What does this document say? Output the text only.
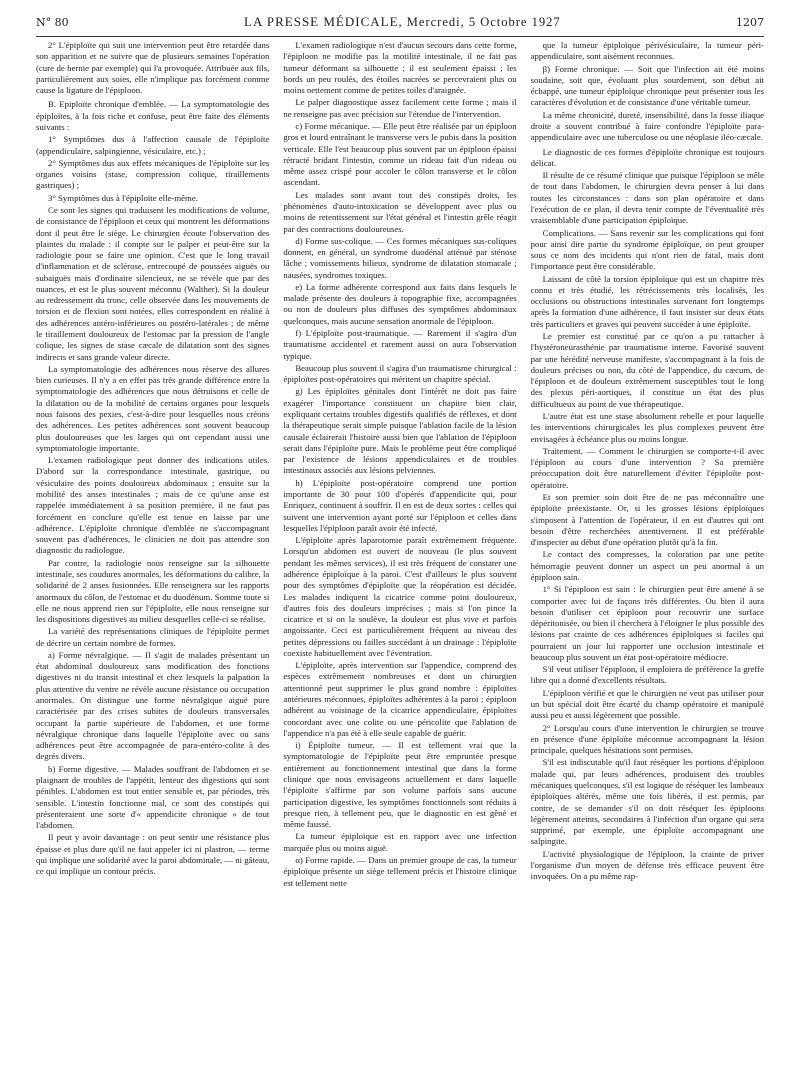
N° 80	LA PRESSE MÉDICALE, Mercredi, 5 Octobre 1927	1207

2° L'épiploïte qui suit une intervention peut être retardée dans son apparition et ne suivre que de plusieurs semaines l'opération (cure de hernie par exemple) qui l'a provoquée. Attribuée aux fils, particulièrement aux soies, elle n'implique pas forcément comme cause la ligature de l'épiploon.

B. Epiploïte chronique d'emblée. — La symptomatologie des épiploïtes, à la fois riche et confuse, peut être faite des éléments suivants :

1° Symptômes dus à l'affection causale de l'épiploïte (appendiculaire, salpingienne, vésiculaire, etc.) ;

2° Symptômes dus aux effets mécaniques de l'épiploïte sur les organes voisins (stase, compression colique, tiraillements gastriques) ;

3° Symptômes dus à l'épiploïte elle-même.

Ce sont les signes qui traduisent les modifications de volume, de consistance de l'épiploon et ceux qui montrent les déformations dont il peut être le siège. Le chirurgien écoute l'observation des plaintes du malade : il compte sur le palper et peut-être sur la radiologie pour se faire une opinion. C'est que le long travail d'inflammation et de sclérose, entrecoupé de poussées aiguës ou subaiguës mais d'ordinaire silencieux, ne se révèle que par des nuances, et est le plus souvent méconnu (Walther). Si la douleur au redressement du tronc, celle observée dans les mouvements de torsion et de flexion sont notées, elles correspondent en réalité à des adhérences antéro-inférieures ou postéro-latérales ; de même le tiraillement douloureux de l'estomac par la pression de l'angle colique, les signes de stase cæcale de dilatation sont des signes indirects et sans grande valeur directe.

La symptomatologie des adhérences nous réserve des allures bien curieuses. Il n'y a en effet pas très grande différence entre la symptomatologie des adhérences que nous détruisons et celle de la dilatation ou de la mobilité de certains organes pour lesquels nous faisons des pexies, c'est-à-dire pour lesquelles nous créons des adhérences. Les petites adhérences sont souvent beaucoup plus douloureuses que les larges qui ont cependant aussi une symptomatologie importante.

L'examen radiologique peut donner des indications utiles. D'abord sur la correspondance intestinale, gastrique, ou vésiculaire des points douloureux abdominaux ; ensuite sur la mobilité des anses intestinales ; mais de ce qu'une anse est rappelée immédiatement à sa position première, il ne faut pas forcément en conclure qu'elle est tenue en laisse par une adhérence. L'épiploïte chronique d'emblée ne s'accompagnant souvent pas d'adhérences, le clinicien ne doit pas attendre son diagnostic du radiologue.

Par contre, la radiologie nous renseigne sur la silhouette intestinale, ses coudures anormales, les déformations du calibre, la solidarité de 2 anses fusionnées. Elle renseignera sur les rapports anormaux du côlon, de l'estomac et du duodénum. Somme toute si elle ne nous apprend rien sur l'épiploïte, elle nous renseigne sur les dispositions digestives au milieu desquelles celle-ci se réalise.

La variété des représentations cliniques de l'épiploïte permet de décrire un certain nombre de formes.

a) Forme névralgique. — Il s'agit de malades présentant un état abdominal douloureux sans modification des fonctions digestives ni du transit intestinal et chez lesquels la palpation la plus attentive du ventre ne révèle aucune résistance ou occupation anormales. On distingue une forme névralgique aiguë pure caractérisée par des crises subites de douleurs transversales occupant la partie supérieure de l'abdomen, et une forme névralgique chronique dans laquelle l'épiploïte avec ou sans adhérences peut être accompagnée de para-entéro-colite à des degrés divers.

b) Forme digestive. — Malades souffrant de l'abdomen et se plaignant de troubles de l'appétit, lenteur des digestions qui sont pénibles. L'abdomen est tout entier sensible et, par périodes, très sensible. L'intestin fonctionne mal, ce sont des constipés qui présenteraient une sorte d'« appendicite chronique » de tout l'abdomen.

Il peut y avoir davantage : on peut sentir une résistance plus épaisse et plus dure qu'il ne faut appeler ici ni plastron, — terme qui implique une solidarité avec la paroi abdominale, — ni gâteau, ce qui implique un contour précis.

L'examen radiologique n'est d'aucun secours dans cette forme, l'épiploon ne modifie pas la motilité intestinale, il ne fait pas tumeur déformant sa silhouette ; il est seulement épaissi ; les bords un peu roulés, des étoiles nacrées se percevraient plus ou moins nettement comme de petites toiles d'araignée.

Le palper diagnostique assez facilement cette forme ; mais il ne renseigne pas avec précision sur l'étendue de l'intervention.

c) Forme mécanique. — Elle peut être réalisée par un épiploon gros et lourd entraînant le transverse vers le pubis dans la position verticale. Elle l'est beaucoup plus souvent par un épiploon épaissi rétracté bridant l'intestin, comme un rideau fait d'un rideau ou même assez crispé pour accoler le côlon transverse et le côlon ascendant.

Les malades sont avant tout des constipés droits, les phénomènes d'auto-intoxication se développent avec plus ou moins de retentissement sur l'état général et l'intestin grêle réagit par des contractions douloureuses.

d) Forme sus-colique. — Ces formes mécaniques sus-coliques donnent, en général, un syndrome duodénal atténué par sténose lâche ; vomissements bilieux, syndrome de dilatation stomacale ; nausées, syndromes toxiques.

e) La forme adhérente correspond aux faits dans lesquels le malade présente des douleurs à topographie fixe, accompagnées ou non de douleurs plus diffuses des symptômes abdominaux quelconques, mais aucune sensation anormale de l'épiploon.

f) L'épiploïte post-traumatique. — Rarement il s'agira d'un traumatisme accidentel et rarement aussi on aura l'observation typique.

Beaucoup plus souvent il s'agira d'un traumatisme chirurgical : épiploïtes post-opératoires qui méritent un chapitre spécial.

g) Les épiploïtes génitales dont l'intérêt ne doit pas faire exagérer l'importance constituent un chapitre bien clair, expliquant certains troubles digestifs qualifiés de réflexes, et dont la thérapeutique serait simple puisque l'ablation facile de la lésion causale éclairerait l'histoire aussi bien que l'ablation de l'épiploon serait dans l'épiploïte pure. Mais le problème peut être compliqué par l'existence de lésions appendiculaires et de troubles intestinaux associés aux lésions pelviennes.

h) L'épiploïte post-opératoire comprend une portion importante de 30 pour 100 d'opérés d'appendicite qui, pour Enriquez, continuent à souffrir. Il en est de deux sortes : celles qui suivent une intervention ayant porté sur l'épiploon et celles dans lesquelles l'épiploon paraît avoir été infecté.

L'épiploïte après laparotomie paraît extrêmement fréquente. Lorsqu'un abdomen est ouvert de nouveau (le plus souvent pendant les mêmes services), il est très fréquent de constater une adhérence épiploïque à la paroi. C'est d'ailleurs le plus souvent pour des symptômes d'épiploïte que la réopération est décidée. Les malades indiquent la cicatrice comme point douloureux, d'autres fois des douleurs imprécises ; mais si l'on pince la cicatrice et si on la soulève, la douleur est plus vive et parfois angoissante. Ceci est particulièrement fréquent au niveau des petites dépressions ou failles succédant à un drainage : l'épiploïte coexiste habituellement avec l'éventration.

L'épiploïte, après intervention sur l'appendice, comprend des espèces extrêmement nombreuses et dont un chirurgien attentionné peut supprimer le plus grand nombre : épiploïtes antérieures méconnues, épiploïtes adhérentes à la paroi ; épiploon adhérent au voisinage de la cicatrice appendiculaire, épiploïtes concordant avec une colite ou une péricolite que l'ablation de l'appendice n'a pas été à elle seule capable de guérir.

i) Épiploïte tumeur. — Il est tellement vrai que la symptomatologie de l'épiploïte peut être empruntée presque entièrement au fonctionnement intestinal que dans la forme clinique que nous envisageons actuellement et dans laquelle l'épiploïte s'affirme par son volume parfois sans aucune participation digestive, les symptômes fonctionnels sont réduits à presque rien, à tellement peu, que le diagnostic en est gêné et même faussé.

La tumeur épiploïque est en rapport avec une infection marquée plus ou moins aiguë.

α) Forme rapide. — Dans un premier groupe de cas, la tumeur épiploïque présente un siège tellement précis et l'histoire clinique est tellement nette

que la tumeur épiploïque périvésiculaire, la tumeur péri-appendiculaire, sont aisément reconnues.

β) Forme chronique. — Soit que l'infection ait été moins soudaine, soit que, évoluant plus sourdement, son début ait échappé, une tumeur épiploïque chronique peut présenter tous les caractères d'évolution et de consistance d'une véritable tumeur.

La même chronicité, dureté, insensibilité, dans la fosse iliaque droite a souvent contribué à faire confondre l'épiploïte para-appendiculaire avec une tuberculose ou une néoplasie iléo-cæcale.

Le diagnostic de ces formes d'épiploïte chronique est toujours délicat.

Il résulte de ce résumé clinique que puisque l'épiploon se mêle de tout dans l'abdomen, le chirurgien devra penser à lui dans toutes les circonstances : dans son plan opératoire et dans l'exécution de ce plan, il devra tenir compte de l'éventualité très vraisemblable d'une participation épiploïque.

Complications. — Sans revenir sur les complications qui font pour ainsi dire partie du syndrome épiploïque, on peut grouper sous ce nom des incidents qui n'ont rien de fatal, mais dont l'importance peut être considérable.

Laissant de côté la torsion épiploïque qui est un chapitre très connu et très étudié, les rétrécissements très localisés, les occlusions ou obstructions intestinales survenant fort longtemps après la formation d'une adhérence, il faut insister sur deux états très particuliers et graves qui peuvent succéder à une épiploïte.

Le premier est constitué par ce qu'on a pu rattacher à l'hystéroneurasthénie par traumatisme interne. Favorisé souvent par une hérédité nerveuse manifeste, s'accompagnant à la fois de douleurs précises ou non, du côté de l'appendice, du cæcum, de l'épiploon et de douleurs extrêmement susceptibles tout le long des plexus péri-aortiques, il constitue un état des plus difficultueux au point de vue thérapeutique.

L'autre état est une stase absolument rebelle et pour laquelle les interventions chirurgicales les plus complexes peuvent être envisagées à échéance plus ou moins longue.

Traitement. — Comment le chirurgien se comporte-t-il avec l'épiploon au cours d'une intervention ? Sa première préoccupation doit être naturellement d'éviter l'épiploïte post-opératoire.

Et son premier soin doit être de ne pas méconnaître une épiploïte préexistante. Or, si les grosses lésions épiploïques s'imposent à l'attention de l'opérateur, il en est d'autres qui ont besoin d'être recherchées attentivement. Il est préférable d'inspecter au début d'une opération plutôt qu'à la fin.

Le contact des compresses, la coloration par une petite hémorragie peuvent donner un aspect un peu anormal à un épiploon sain.

1° Si l'épiploon est sain : le chirurgien peut être amené à se comporter avec lui de façons très différentes. Ou bien il aura besoin d'utiliser cet épiploon pour recouvrir une surface dépéritonisée, ou bien il cherchera à l'éloigner le plus possible des lésions par crainte de ces adhérences épiploïques si faciles qui pourraient un jour lui rapporter une occlusion intestinale et beaucoup plus souvent un état post-opératoire médiocre.

S'il veut utiliser l'épiploon, il emploiera de préférence la greffe libre qui a donné d'excellents résultats.

L'épiploon vérifié et que le chirurgien ne veut pas utiliser pour un but spécial doit être écarté du champ opératoire et manipulé aussi peu et aussi légèrement que possible.

2° Lorsqu'au cours d'une intervention le chirurgien se trouve en présence d'une épiploïte méconnue accompagnant la lésion principale, quelques hésitations sont permises.

S'il est indiscutable qu'il faut réséquer les portions d'épiploon malade qui, par leurs adhérences, produisent des troubles mécaniques quelconques, s'il est logique de réséquer les lambeaux épiploïques altérés, même une fois libérés, il est permis, par contre, de se demander s'il on doit réséquer les épiploons légèrement atteints, secondaires à l'infection d'un organe qui sera supprimé, par exemple, une épiploïte accompagnant une salpingite.

L'activité physiologique de l'épiploon, la crainte de priver l'organisme d'un moyen de défense très efficace peuvent être invoquées. On a pu même rap-
